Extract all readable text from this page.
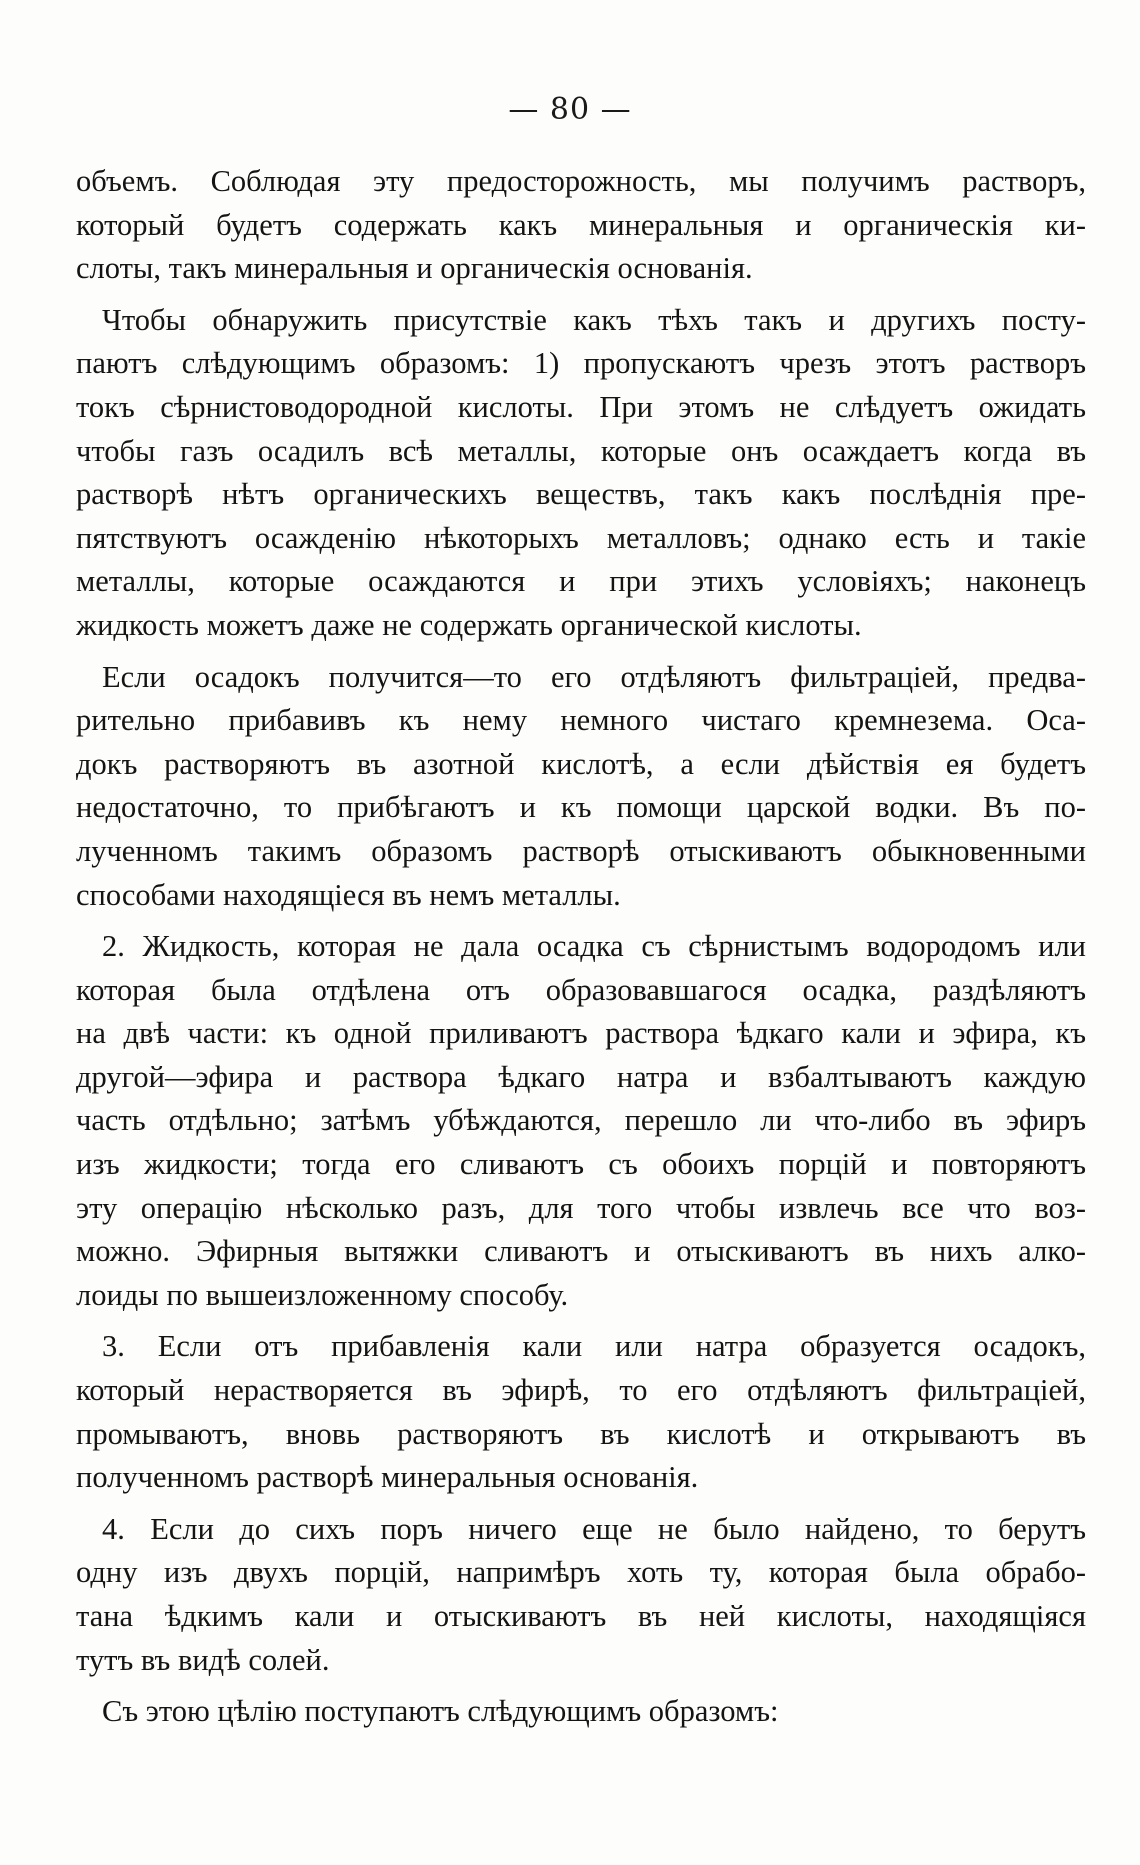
— 80 —
объемъ. Соблюдая эту предосторожность, мы получимъ растворъ,
который будетъ содержать какъ минеральныя и органическія ки-
слоты, такъ минеральныя и органическія основанія.
Чтобы обнаружить присутствіе какъ тѣхъ такъ и другихъ посту-
паютъ слѣдующимъ образомъ: 1) пропускаютъ чрезъ этотъ растворъ
токъ сѣрнистоводородной кислоты. При этомъ не слѣдуетъ ожидать
чтобы газъ осадилъ всѣ металлы, которые онъ осаждаетъ когда въ
растворѣ нѣтъ органическихъ веществъ, такъ какъ послѣднія пре-
пятствуютъ осажденію нѣкоторыхъ металловъ; однако есть и такіе
металлы, которые осаждаются и при этихъ условіяхъ; наконецъ
жидкость можетъ даже не содержать органической кислоты.
Если осадокъ получится—то его отдѣляютъ фильтраціей, предва-
рительно прибавивъ къ нему немного чистаго кремнезема. Оса-
докъ растворяютъ въ азотной кислотѣ, а если дѣйствія ея будетъ
недостаточно, то прибѣгаютъ и къ помощи царской водки. Въ по-
лученномъ такимъ образомъ растворѣ отыскиваютъ обыкновенными
способами находящіеся въ немъ металлы.
2. Жидкость, которая не дала осадка съ сѣрнистымъ водородомъ или
которая была отдѣлена отъ образовавшагося осадка, раздѣляютъ
на двѣ части: къ одной приливаютъ раствора ѣдкаго кали и эфира, къ
другой—эфира и раствора ѣдкаго натра и взбалтываютъ каждую
часть отдѣльно; затѣмъ убѣждаются, перешло ли что-либо въ эфиръ
изъ жидкости; тогда его сливаютъ съ обоихъ порцій и повторяютъ
эту операцію нѣсколько разъ, для того чтобы извлечь все что воз-
можно. Эфирныя вытяжки сливаютъ и отыскиваютъ въ нихъ алко-
лоиды по вышеизложенному способу.
3. Если отъ прибавленія кали или натра образуется осадокъ,
который нерастворяется въ эфирѣ, то его отдѣляютъ фильтраціей,
промываютъ, вновь растворяютъ въ кислотѣ и открываютъ въ
полученномъ растворѣ минеральныя основанія.
4. Если до сихъ поръ ничего еще не было найдено, то берутъ
одну изъ двухъ порцій, напримѣръ хоть ту, которая была обрабо-
тана ѣдкимъ кали и отыскиваютъ въ ней кислоты, находящіяся
тутъ въ видѣ солей.
Съ этою цѣлію поступаютъ слѣдующимъ образомъ:
